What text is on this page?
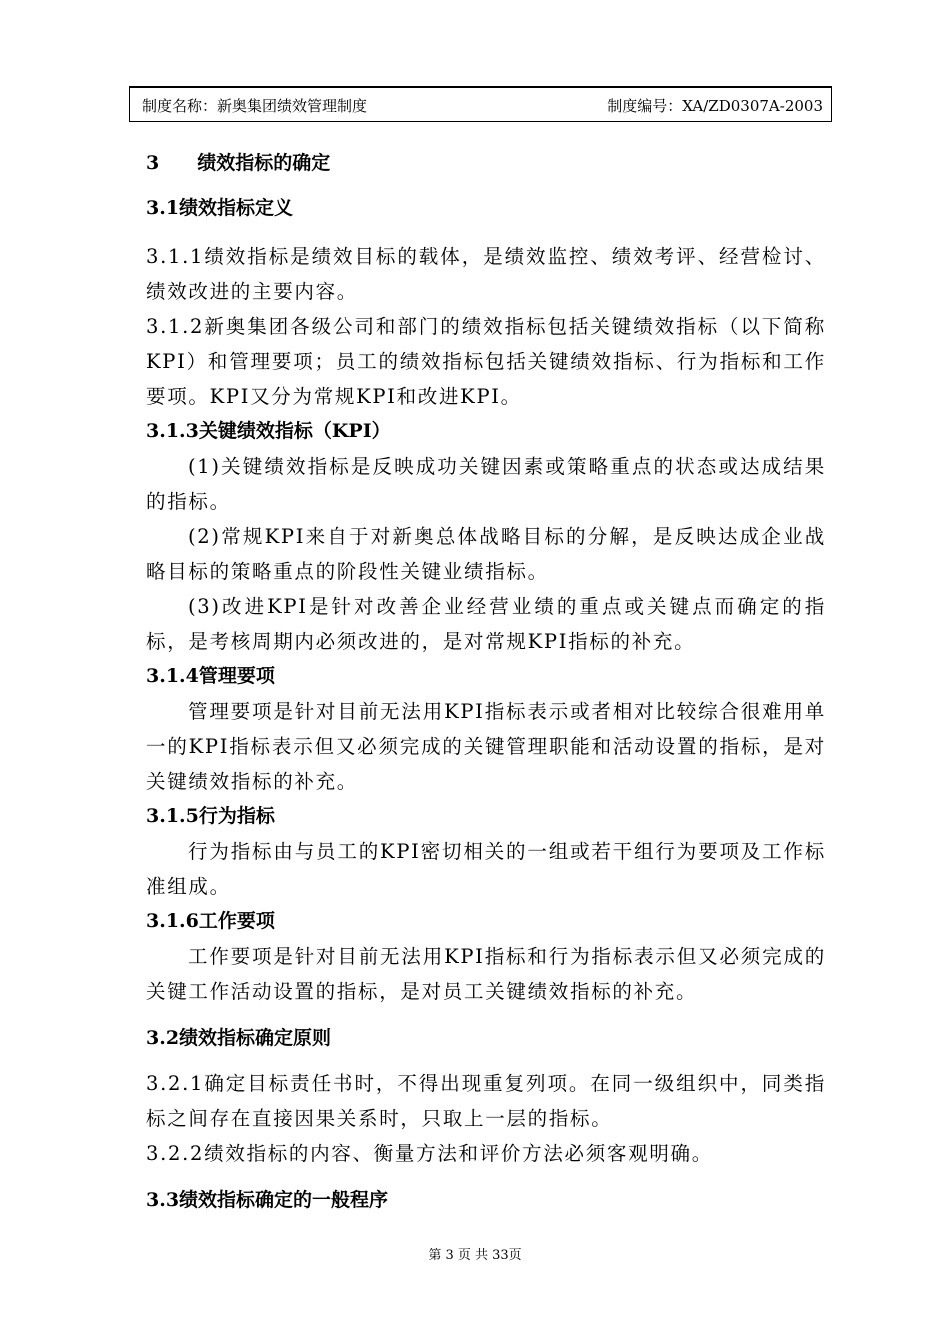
制度名称：新奥集团绩效管理制度	制度编号：XA/ZD0307A-2003

3　　绩效指标的确定

3.1绩效指标定义

3.1.1绩效指标是绩效目标的载体，是绩效监控、绩效考评、经营检讨、绩效改进的主要内容。

3.1.2新奥集团各级公司和部门的绩效指标包括关键绩效指标（以下简称KPI）和管理要项；员工的绩效指标包括关键绩效指标、行为指标和工作要项。KPI又分为常规KPI和改进KPI。

3.1.3关键绩效指标（KPI）

(1)关键绩效指标是反映成功关键因素或策略重点的状态或达成结果的指标。

(2)常规KPI来自于对新奥总体战略目标的分解，是反映达成企业战略目标的策略重点的阶段性关键业绩指标。

(3)改进KPI是针对改善企业经营业绩的重点或关键点而确定的指标，是考核周期内必须改进的，是对常规KPI指标的补充。

3.1.4管理要项

管理要项是针对目前无法用KPI指标表示或者相对比较综合很难用单一的KPI指标表示但又必须完成的关键管理职能和活动设置的指标，是对关键绩效指标的补充。

3.1.5行为指标

行为指标由与员工的KPI密切相关的一组或若干组行为要项及工作标准组成。

3.1.6工作要项

工作要项是针对目前无法用KPI指标和行为指标表示但又必须完成的关键工作活动设置的指标，是对员工关键绩效指标的补充。

3.2绩效指标确定原则

3.2.1确定目标责任书时，不得出现重复列项。在同一级组织中，同类指标之间存在直接因果关系时，只取上一层的指标。

3.2.2绩效指标的内容、衡量方法和评价方法必须客观明确。

3.3绩效指标确定的一般程序

第 3 页 共 33页
